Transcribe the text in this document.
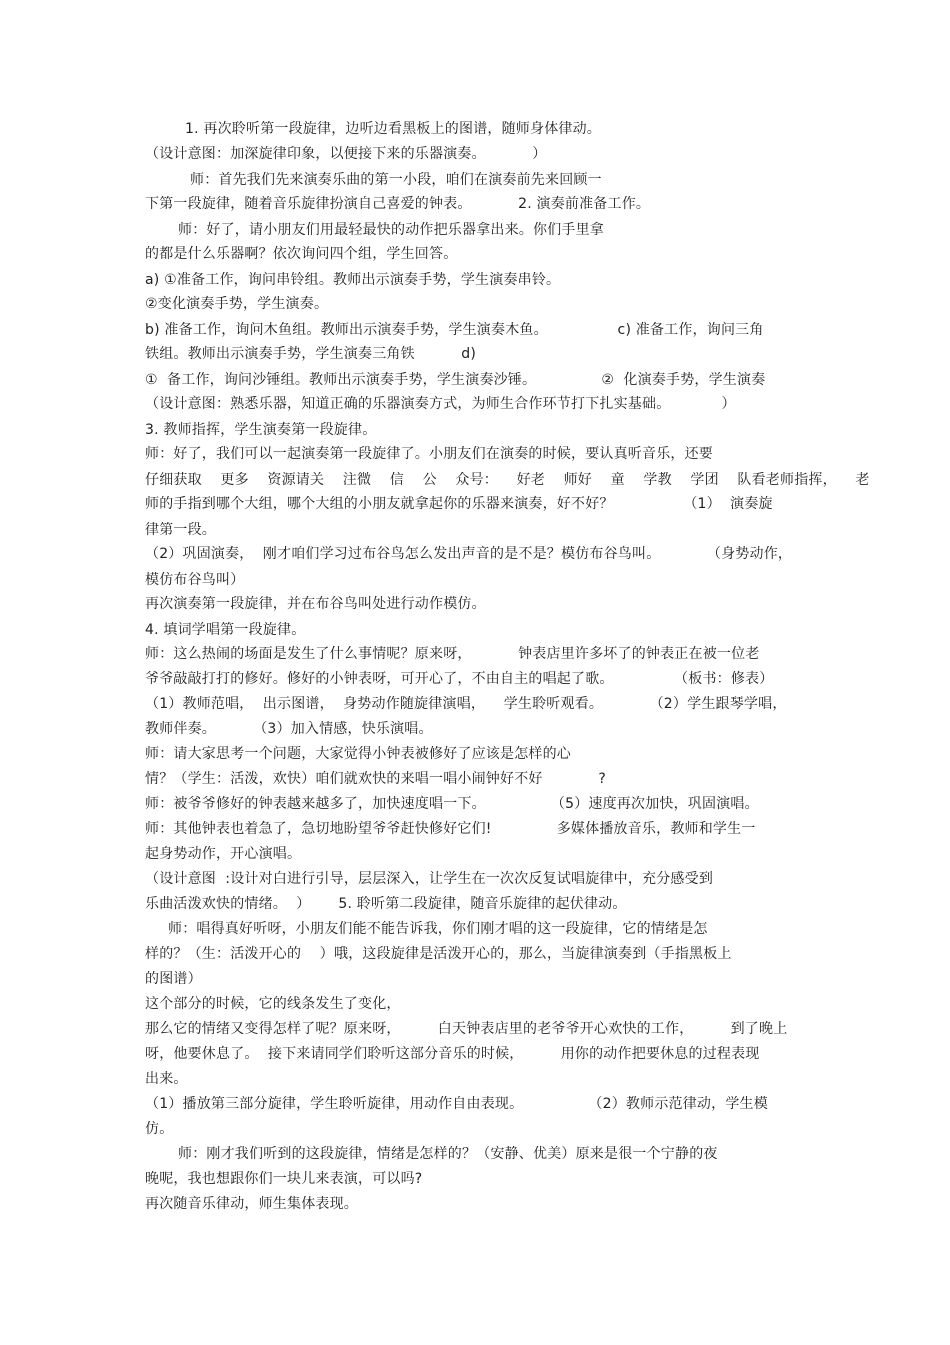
1. 再次聆听第一段旋律，边听边看黑板上的图谱，随师身体律动。
（设计意图：加深旋律印象，以便接下来的乐器演奏。          ）
师：首先我们先来演奏乐曲的第一小段，咱们在演奏前先来回顾一
下第一段旋律，随着音乐旋律扮演自己喜爱的钟表。          2. 演奏前准备工作。
师：好了，请小朋友们用最轻最快的动作把乐器拿出来。你们手里拿
的都是什么乐器啊？依次询问四个组，学生回答。
a) ①准备工作，询问串铃组。教师出示演奏手势，学生演奏串铃。
②变化演奏手势，学生演奏。
b) 准备工作，询问木鱼组。教师出示演奏手势，学生演奏木鱼。               c) 准备工作，询问三角
铁组。教师出示演奏手势，学生演奏三角铁          d)
①  备工作，询问沙锤组。教师出示演奏手势，学生演奏沙锤。              ②  化演奏手势，学生演奏
（设计意图：熟悉乐器，知道正确的乐器演奏方式，为师生合作环节打下扎实基础。           ）
3. 教师指挥，学生演奏第一段旋律。
师：好了，我们可以一起演奏第一段旋律了。小朋友们在演奏的时候，要认真听音乐，还要
仔细获取    更多    资源请关    注微    信    公    众号：    好老    师好    童    学教    学团    队看老师指挥，    老
师的手指到哪个大组，哪个大组的小朋友就拿起你的乐器来演奏，好不好？               （1）  演奏旋
律第一段。
（2）巩固演奏，  刚才咱们学习过布谷鸟怎么发出声音的是不是？模仿布谷鸟叫。          （身势动作，
模仿布谷鸟叫）
再次演奏第一段旋律，并在布谷鸟叫处进行动作模仿。
4. 填词学唱第一段旋律。
师：这么热闹的场面是发生了什么事情呢？原来呀，          钟表店里许多坏了的钟表正在被一位老
爷爷敲敲打打的修好。修好的小钟表呀，可开心了，不由自主的唱起了歌。             （板书：修表）
（1）教师范唱，  出示图谱，  身势动作随旋律演唱，    学生聆听观看。          （2）学生跟琴学唱，
教师伴奏。        （3）加入情感，快乐演唱。
师：请大家思考一个问题，大家觉得小钟表被修好了应该是怎样的心
情？（学生：活泼，欢快）咱们就欢快的来唱一唱小闹钟好不好            ?
师：被爷爷修好的钟表越来越多了，加快速度唱一下。              （5）速度再次加快，巩固演唱。
师：其他钟表也着急了，急切地盼望爷爷赶快修好它们!              多媒体播放音乐，教师和学生一
起身势动作，开心演唱。
（设计意图  :设计对白进行引导，层层深入，让学生在一次次反复试唱旋律中，充分感受到
乐曲活泼欢快的情绪。  ）      5. 聆听第二段旋律，随音乐旋律的起伏律动。
师：唱得真好听呀，小朋友们能不能告诉我，你们刚才唱的这一段旋律，它的情绪是怎
样的？（生：活泼开心的    ）哦，这段旋律是活泼开心的，那么，当旋律演奏到（手指黑板上
的图谱）
这个部分的时候，它的线条发生了变化，
那么它的情绪又变得怎样了呢？原来呀，        白天钟表店里的老爷爷开心欢快的工作，        到了晚上
呀，他要休息了。  接下来请同学们聆听这部分音乐的时候，        用你的动作把要休息的过程表现
出来。
（1）播放第三部分旋律，学生聆听旋律，用动作自由表现。              （2）教师示范律动，学生模
仿。
师：刚才我们听到的这段旋律，情绪是怎样的？（安静、优美）原来是很一个宁静的夜
晚呢，我也想跟你们一块儿来表演，可以吗?
再次随音乐律动，师生集体表现。
